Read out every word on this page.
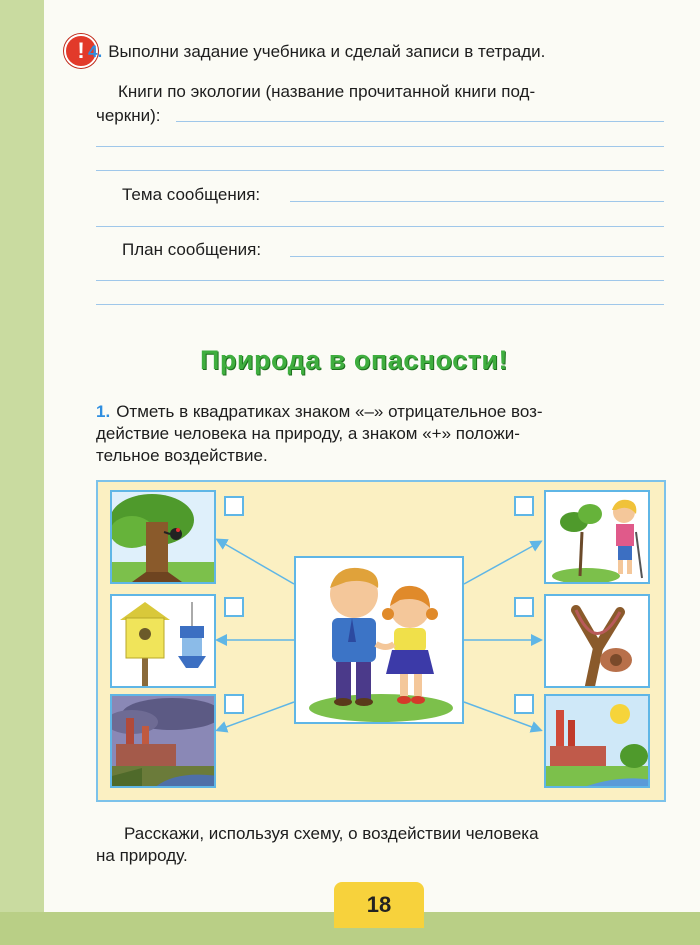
! 4. Выполни задание учебника и сделай записи в тетради.
Книги по экологии (название прочитанной книги под-
черкни):
Тема сообщения:
План сообщения:
Природа в опасности!
1. Отметь в квадратиках знаком «–» отрицательное воз-
действие человека на природу, а знаком «+» положи-
тельное воздействие.
Расскажи, используя схему, о воздействии человека
на природу.
18
